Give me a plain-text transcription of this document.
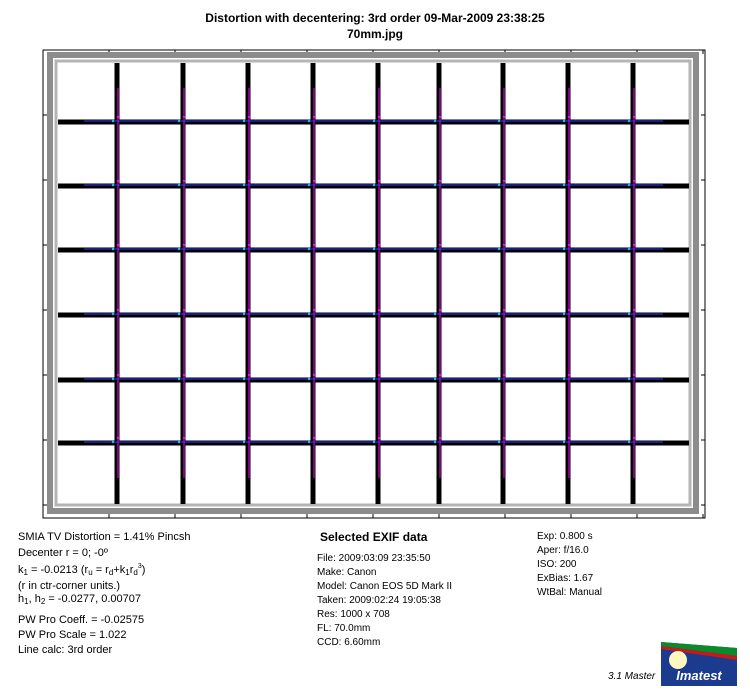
Distortion with decentering: 3rd order 09-Mar-2009 23:38:25
70mm.jpg
SMIA TV Distortion = 1.41% Pincsh
Decenter r = 0; -0º
$k_1 = -0.0213$ $(r_u = r_d+k_1r_d^3)$
(r in ctr-corner units.)
$h_1$, $h_2 = -0.0277$, 0.00707
PW Pro Coeff. = -0.02575
PW Pro Scale = 1.022
Line calc: 3rd order
Selected EXIF data
File: 2009:03:09 23:35:50
Make: Canon
Model: Canon EOS 5D Mark II
Taken: 2009:02:24 19:05:38
Res: 1000 x 708
FL: 70.0mm
CCD: 6.60mm
Exp: 0.800 s
Aper: f/16.0
ISO: 200
ExBias: 1.67
WtBal: Manual
3.1 Master Imatest
